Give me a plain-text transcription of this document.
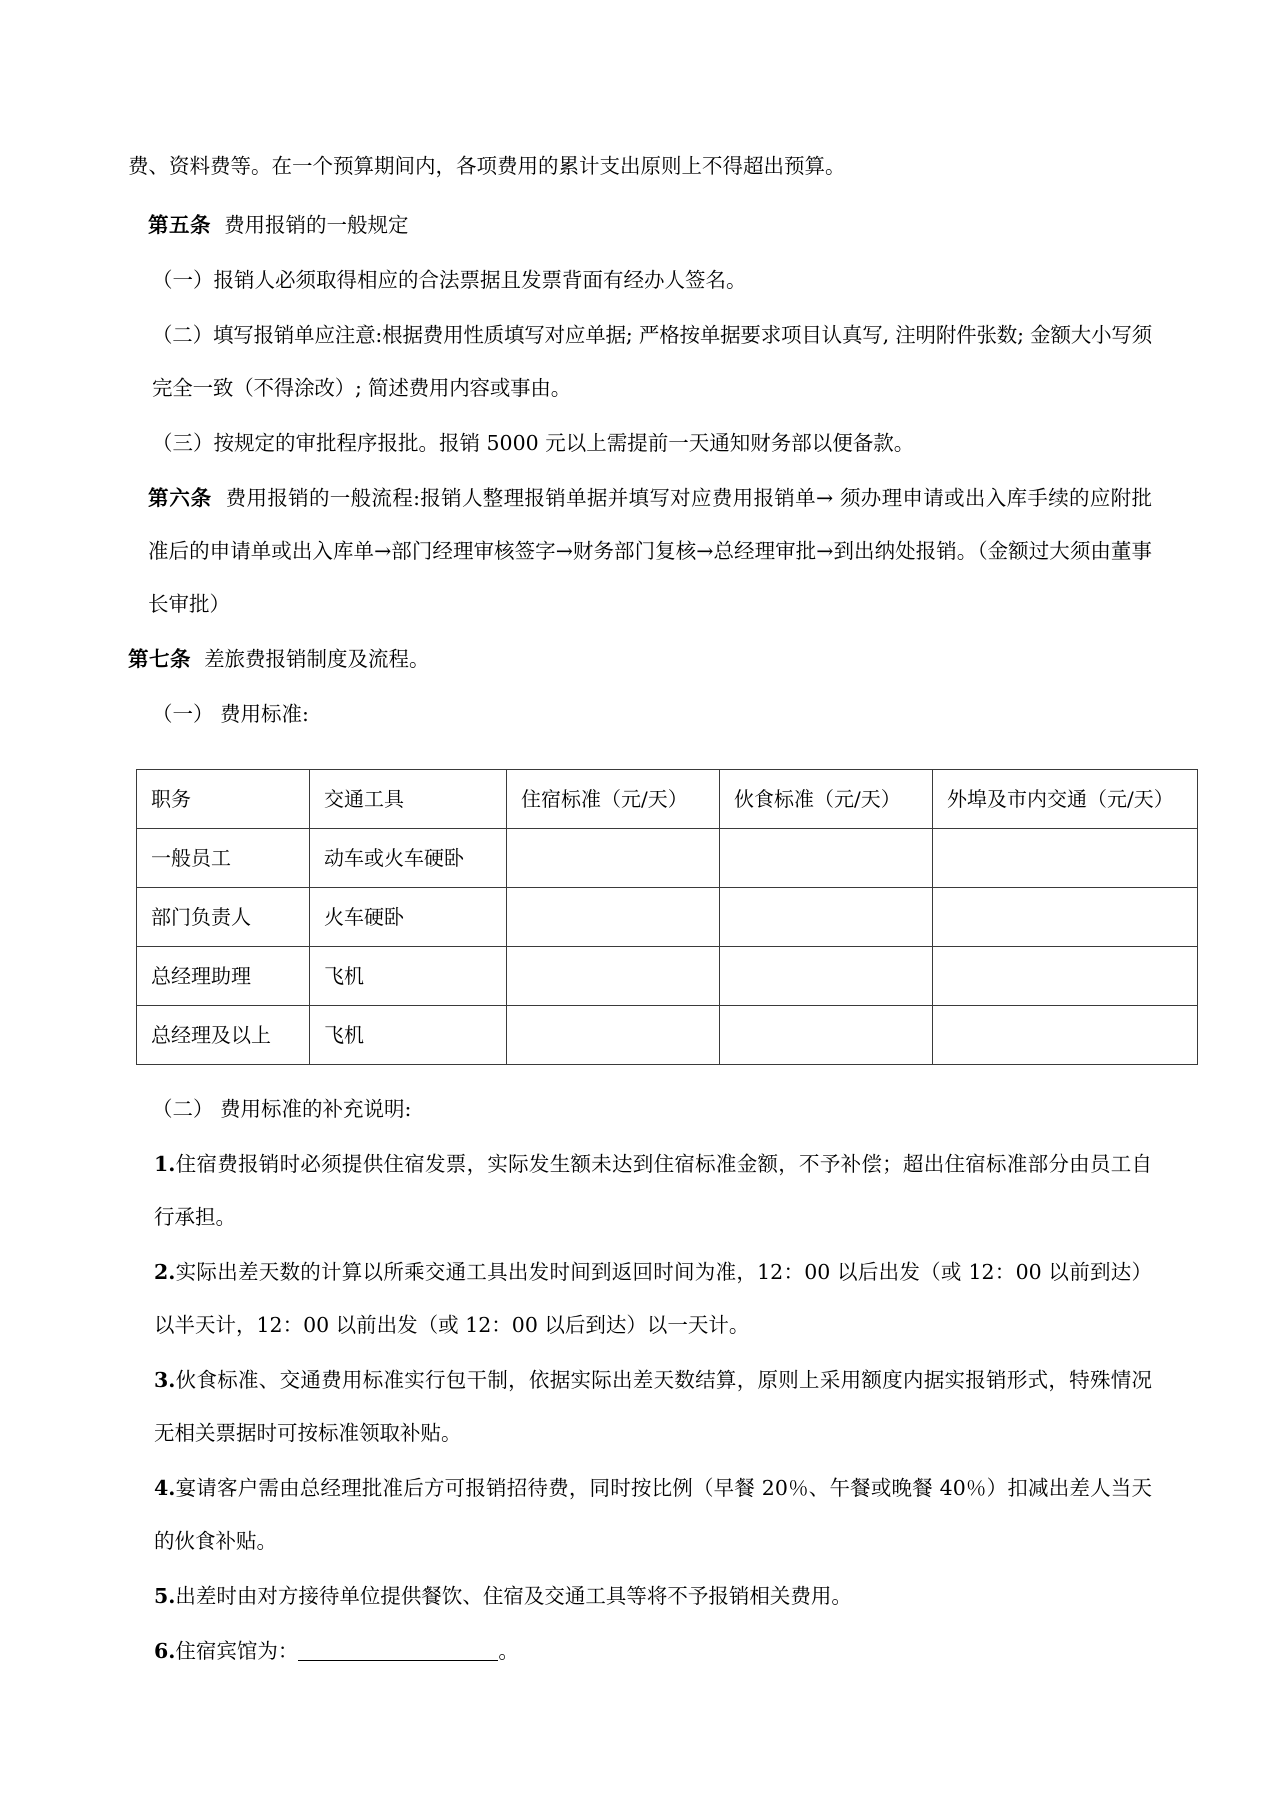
费、资料费等。在一个预算期间内，各项费用的累计支出原则上不得超出预算。

第五条 费用报销的一般规定

（一）报销人必须取得相应的合法票据且发票背面有经办人签名。

（二）填写报销单应注意:根据费用性质填写对应单据; 严格按单据要求项目认真写, 注明附件张数; 金额大小写须完全一致（不得涂改）; 简述费用内容或事由。

（三）按规定的审批程序报批。报销 5000 元以上需提前一天通知财务部以便备款。

第六条 费用报销的一般流程:报销人整理报销单据并填写对应费用报销单→ 须办理申请或出入库手续的应附批准后的申请单或出入库单→部门经理审核签字→财务部门复核→总经理审批→到出纳处报销。（金额过大须由董事长审批）

第七条 差旅费报销制度及流程。

（一） 费用标准:

职务	交通工具	住宿标准（元/天）	伙食标准（元/天）	外埠及市内交通（元/天）
一般员工	动车或火车硬卧			
部门负责人	火车硬卧			
总经理助理	飞机			
总经理及以上	飞机			

（二） 费用标准的补充说明:

1.住宿费报销时必须提供住宿发票，实际发生额未达到住宿标准金额，不予补偿；超出住宿标准部分由员工自行承担。

2.实际出差天数的计算以所乘交通工具出发时间到返回时间为准，12：00 以后出发（或 12：00 以前到达）以半天计，12：00 以前出发（或 12：00 以后到达）以一天计。

3.伙食标准、交通费用标准实行包干制，依据实际出差天数结算，原则上采用额度内据实报销形式，特殊情况无相关票据时可按标准领取补贴。

4.宴请客户需由总经理批准后方可报销招待费，同时按比例（早餐 20％、午餐或晚餐 40％）扣减出差人当天的伙食补贴。

5.出差时由对方接待单位提供餐饮、住宿及交通工具等将不予报销相关费用。

6.住宿宾馆为：	。
